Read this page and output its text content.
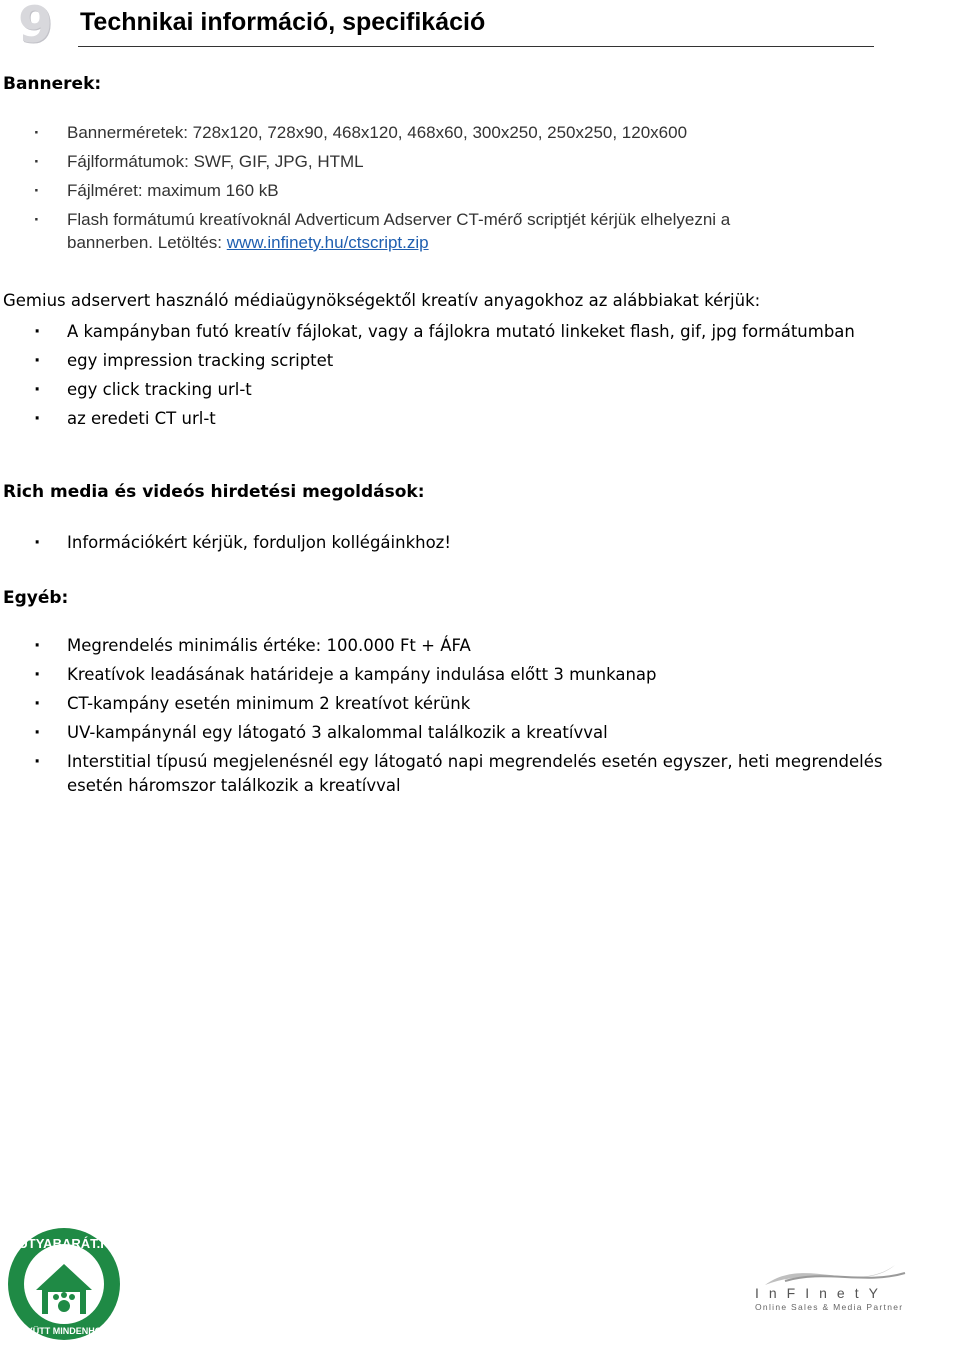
9 Technikai információ, specifikáció
Bannerek:
· Bannerméretek: 728x120, 728x90, 468x120, 468x60, 300x250, 250x250, 120x600
· Fájlformátumok: SWF, GIF, JPG, HTML
· Fájlméret: maximum 160 kB
· Flash formátumú kreatívoknál Adverticum Adserver CT-mérő scriptjét kérjük elhelyezni a
bannerben. Letöltés: www.infinety.hu/ctscript.zip
Gemius adservert használó médiaügynökségektől kreatív anyagokhoz az alábbiakat kérjük:
· A kampányban futó kreatív fájlokat, vagy a fájlokra mutató linkeket flash, gif, jpg formátumban
· egy impression tracking scriptet
· egy click tracking url-t
· az eredeti CT url-t
Rich media és videós hirdetési megoldások:
· Információkért kérjük, forduljon kollégáinkhoz!
Egyéb:
· Megrendelés minimális értéke: 100.000 Ft + ÁFA
· Kreatívok leadásának határideje a kampány indulása előtt 3 munkanap
· CT-kampány esetén minimum 2 kreatívot kérünk
· UV-kampánynál egy látogató 3 alkalommal találkozik a kreatívval
· Interstitial típusú megjelenésnél egy látogató napi megrendelés esetén egyszer, heti megrendelés
esetén háromszor találkozik a kreatívval
KUTYABARÁT.HU
EGYÜTT MINDENHOVÁ
InFInetY
Online Sales & Media Partner
